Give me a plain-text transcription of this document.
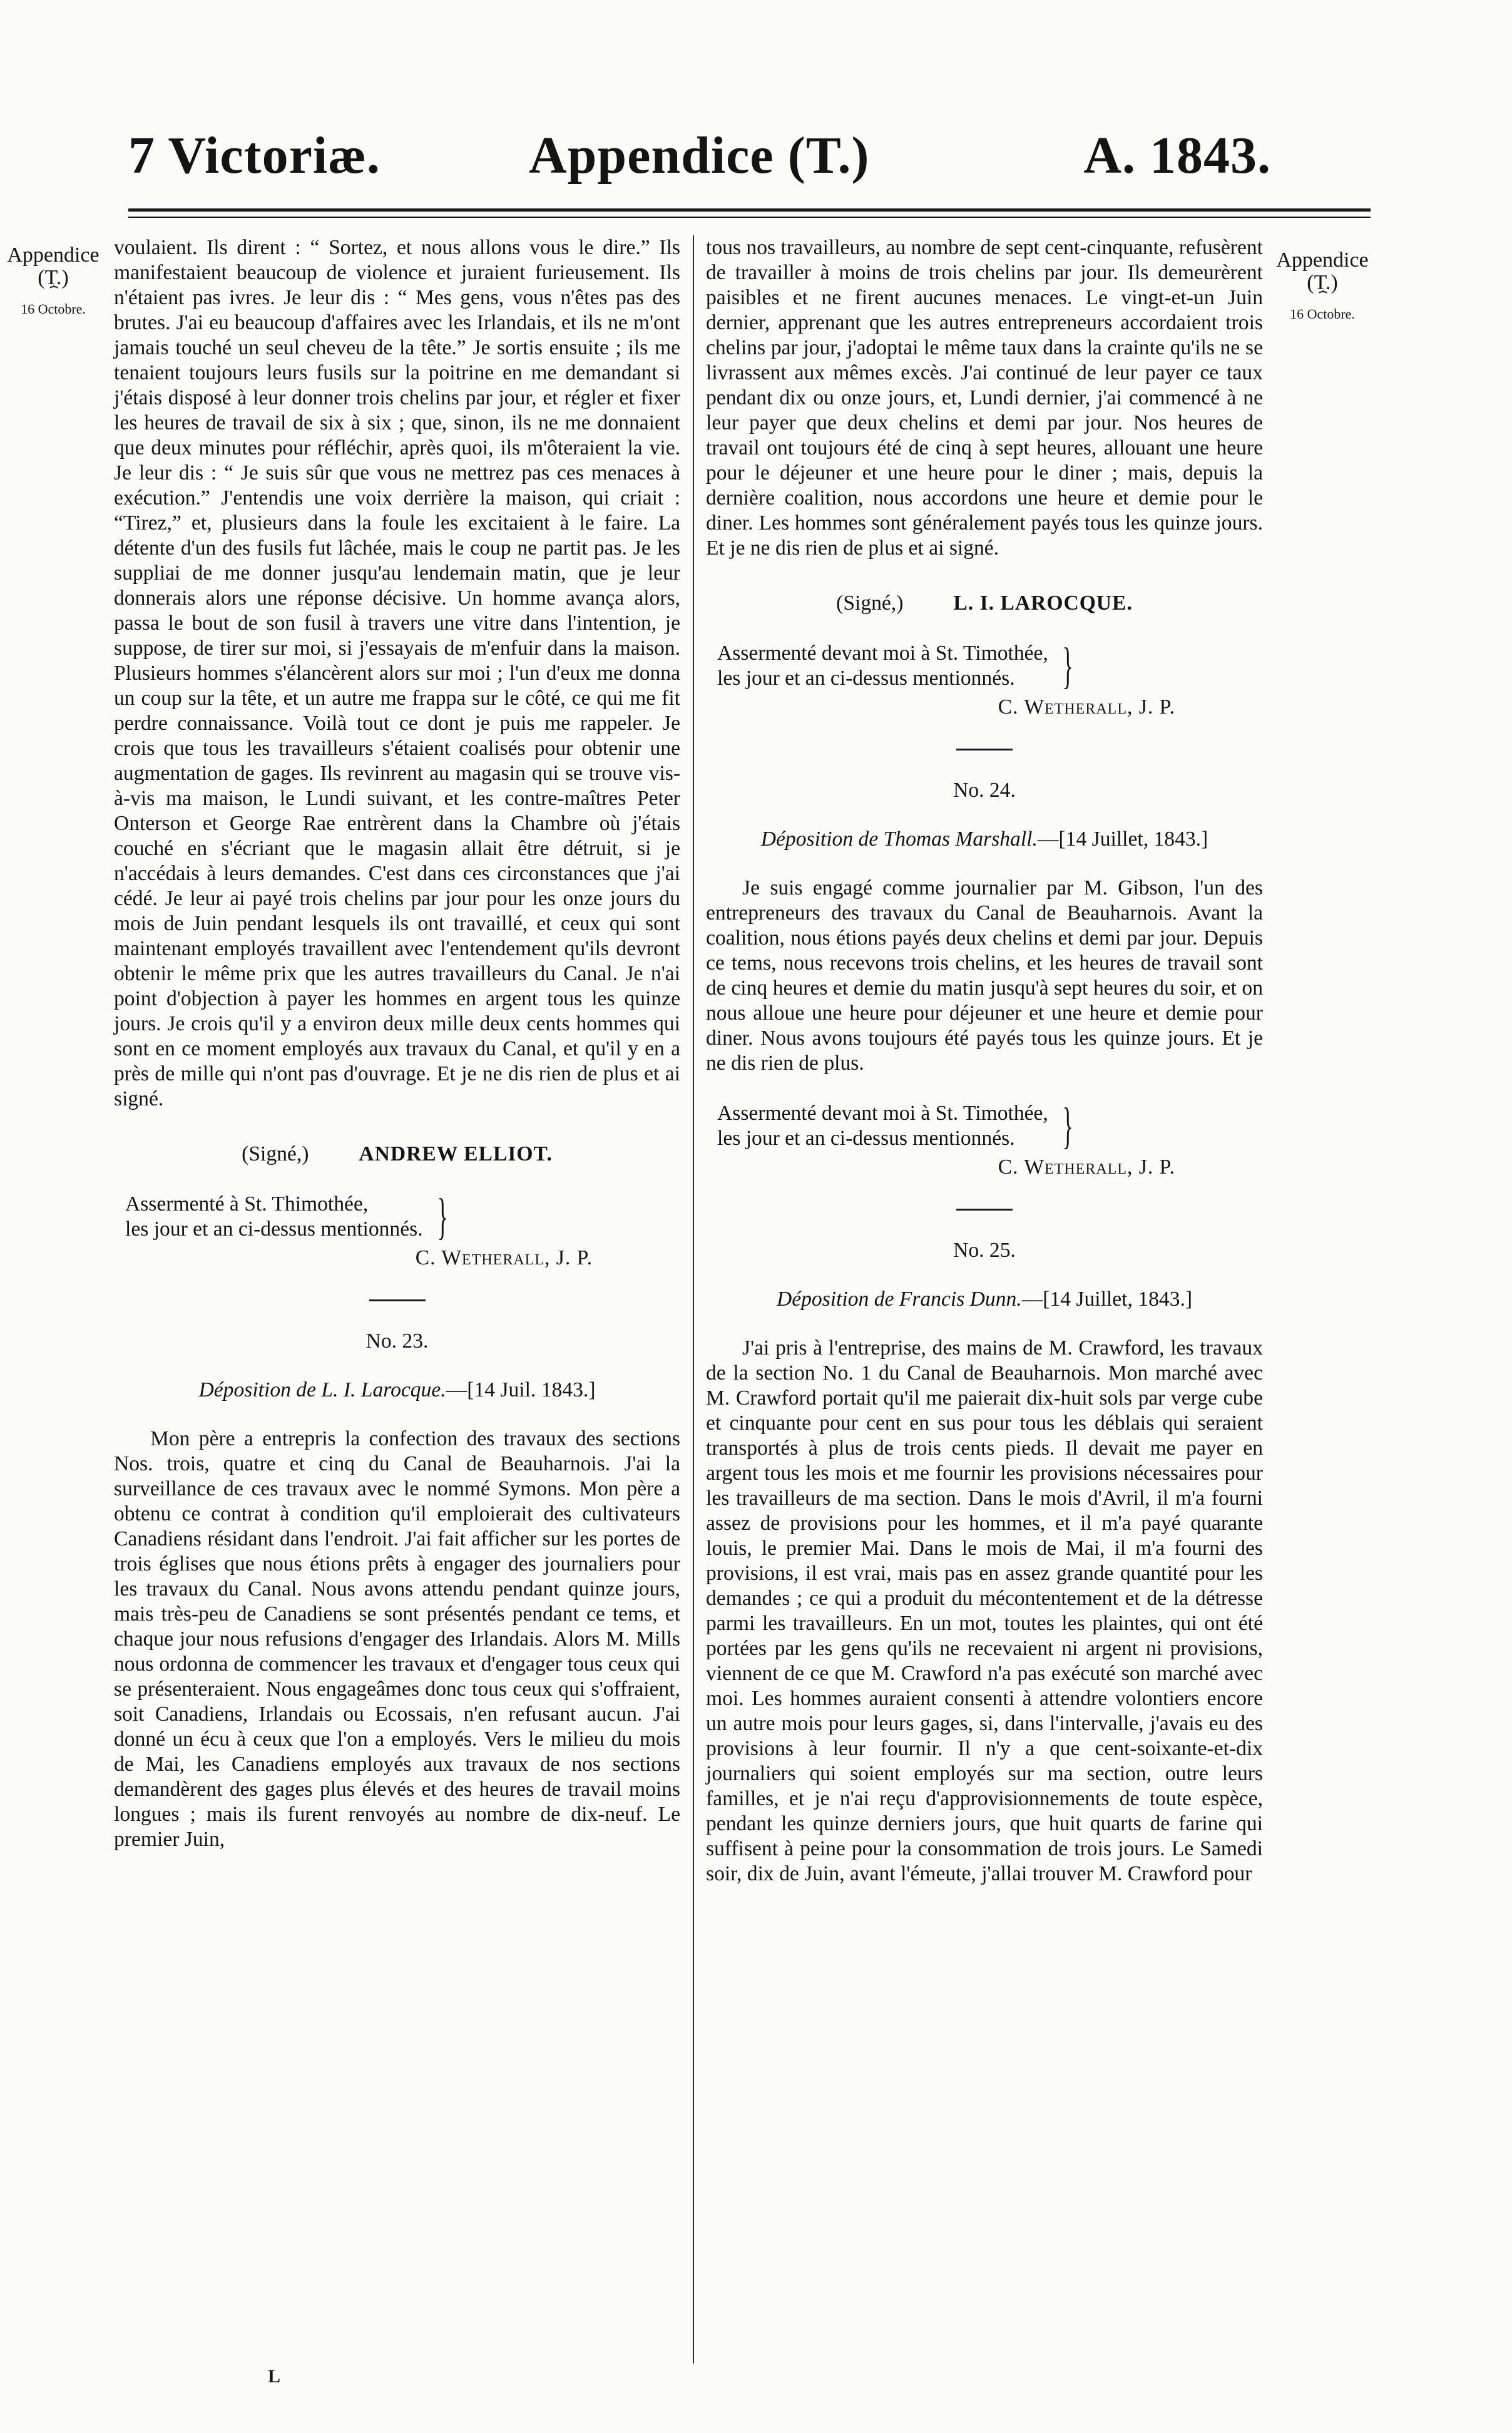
7 Victoriæ.	Appendice (T.)	A. 1843.
Appendice
(T.)
⏞
16 Octobre.
Appendice
(T.)
⏞
16 Octobre.

voulaient. Ils dirent : “ Sortez, et nous allons vous le dire.” Ils manifestaient beaucoup de violence et juraient furieusement. Ils n'étaient pas ivres. Je leur dis : “ Mes gens, vous n'êtes pas des brutes. J'ai eu beaucoup d'affaires avec les Irlandais, et ils ne m'ont jamais touché un seul cheveu de la tête.” Je sortis ensuite ; ils me tenaient toujours leurs fusils sur la poitrine en me demandant si j'étais disposé à leur donner trois chelins par jour, et régler et fixer les heures de travail de six à six ; que, sinon, ils ne me donnaient que deux minutes pour réfléchir, après quoi, ils m'ôteraient la vie. Je leur dis : “ Je suis sûr que vous ne mettrez pas ces menaces à exécution.” J'entendis une voix derrière la maison, qui criait : “Tirez,” et, plusieurs dans la foule les excitaient à le faire. La détente d'un des fusils fut lâchée, mais le coup ne partit pas. Je les suppliai de me donner jusqu'au lendemain matin, que je leur donnerais alors une réponse décisive. Un homme avança alors, passa le bout de son fusil à travers une vitre dans l'intention, je suppose, de tirer sur moi, si j'essayais de m'enfuir dans la maison. Plusieurs hommes s'élancèrent alors sur moi ; l'un d'eux me donna un coup sur la tête, et un autre me frappa sur le côté, ce qui me fit perdre connaissance. Voilà tout ce dont je puis me rappeler. Je crois que tous les travailleurs s'étaient coalisés pour obtenir une augmentation de gages. Ils revinrent au magasin qui se trouve vis-à-vis ma maison, le Lundi suivant, et les contre-maîtres Peter Onterson et George Rae entrèrent dans la Chambre où j'étais couché en s'écriant que le magasin allait être détruit, si je n'accédais à leurs demandes. C'est dans ces circonstances que j'ai cédé. Je leur ai payé trois chelins par jour pour les onze jours du mois de Juin pendant lesquels ils ont travaillé, et ceux qui sont maintenant employés travaillent avec l'entendement qu'ils devront obtenir le même prix que les autres travailleurs du Canal. Je n'ai point d'objection à payer les hommes en argent tous les quinze jours. Je crois qu'il y a environ deux mille deux cents hommes qui sont en ce moment employés aux travaux du Canal, et qu'il y en a près de mille qui n'ont pas d'ouvrage. Et je ne dis rien de plus et ai signé.

(Signé,) ANDREW ELLIOT.
Assermenté à St. Thimothée,
les jour et an ci-dessus mentionnés. }
C. Wetherall, J. P.
No. 23.
Déposition de L. I. Larocque.—[14 Juil. 1843.]

Mon père a entrepris la confection des travaux des sections Nos. trois, quatre et cinq du Canal de Beauharnois. J'ai la surveillance de ces travaux avec le nommé Symons. Mon père a obtenu ce contrat à condition qu'il emploierait des cultivateurs Canadiens résidant dans l'endroit. J'ai fait afficher sur les portes de trois églises que nous étions prêts à engager des journaliers pour les travaux du Canal. Nous avons attendu pendant quinze jours, mais très-peu de Canadiens se sont présentés pendant ce tems, et chaque jour nous refusions d'engager des Irlandais. Alors M. Mills nous ordonna de commencer les travaux et d'engager tous ceux qui se présenteraient. Nous engageâmes donc tous ceux qui s'offraient, soit Canadiens, Irlandais ou Ecossais, n'en refusant aucun. J'ai donné un écu à ceux que l'on a employés. Vers le milieu du mois de Mai, les Canadiens employés aux travaux de nos sections demandèrent des gages plus élevés et des heures de travail moins longues ; mais ils furent renvoyés au nombre de dix-neuf. Le premier Juin,

tous nos travailleurs, au nombre de sept cent-cinquante, refusèrent de travailler à moins de trois chelins par jour. Ils demeurèrent paisibles et ne firent aucunes menaces. Le vingt-et-un Juin dernier, apprenant que les autres entrepreneurs accordaient trois chelins par jour, j'adoptai le même taux dans la crainte qu'ils ne se livrassent aux mêmes excès. J'ai continué de leur payer ce taux pendant dix ou onze jours, et, Lundi dernier, j'ai commencé à ne leur payer que deux chelins et demi par jour. Nos heures de travail ont toujours été de cinq à sept heures, allouant une heure pour le déjeuner et une heure pour le diner ; mais, depuis la dernière coalition, nous accordons une heure et demie pour le diner. Les hommes sont généralement payés tous les quinze jours. Et je ne dis rien de plus et ai signé.

(Signé,) L. I. LAROCQUE.
Assermenté devant moi à St. Timothée,
les jour et an ci-dessus mentionnés. }
C. Wetherall, J. P.
No. 24.
Déposition de Thomas Marshall.—[14 Juillet, 1843.]

Je suis engagé comme journalier par M. Gibson, l'un des entrepreneurs des travaux du Canal de Beauharnois. Avant la coalition, nous étions payés deux chelins et demi par jour. Depuis ce tems, nous recevons trois chelins, et les heures de travail sont de cinq heures et demie du matin jusqu'à sept heures du soir, et on nous alloue une heure pour déjeuner et une heure et demie pour diner. Nous avons toujours été payés tous les quinze jours. Et je ne dis rien de plus.

Assermenté devant moi à St. Timothée,
les jour et an ci-dessus mentionnés. }
C. Wetherall, J. P.
No. 25.
Déposition de Francis Dunn.—[14 Juillet, 1843.]

J'ai pris à l'entreprise, des mains de M. Crawford, les travaux de la section No. 1 du Canal de Beauharnois. Mon marché avec M. Crawford portait qu'il me paierait dix-huit sols par verge cube et cinquante pour cent en sus pour tous les déblais qui seraient transportés à plus de trois cents pieds. Il devait me payer en argent tous les mois et me fournir les provisions nécessaires pour les travailleurs de ma section. Dans le mois d'Avril, il m'a fourni assez de provisions pour les hommes, et il m'a payé quarante louis, le premier Mai. Dans le mois de Mai, il m'a fourni des provisions, il est vrai, mais pas en assez grande quantité pour les demandes ; ce qui a produit du mécontentement et de la détresse parmi les travailleurs. En un mot, toutes les plaintes, qui ont été portées par les gens qu'ils ne recevaient ni argent ni provisions, viennent de ce que M. Crawford n'a pas exécuté son marché avec moi. Les hommes auraient consenti à attendre volontiers encore un autre mois pour leurs gages, si, dans l'intervalle, j'avais eu des provisions à leur fournir. Il n'y a que cent-soixante-et-dix journaliers qui soient employés sur ma section, outre leurs familles, et je n'ai reçu d'approvisionnements de toute espèce, pendant les quinze derniers jours, que huit quarts de farine qui suffisent à peine pour la consommation de trois jours. Le Samedi soir, dix de Juin, avant l'émeute, j'allai trouver M. Crawford pour

L
